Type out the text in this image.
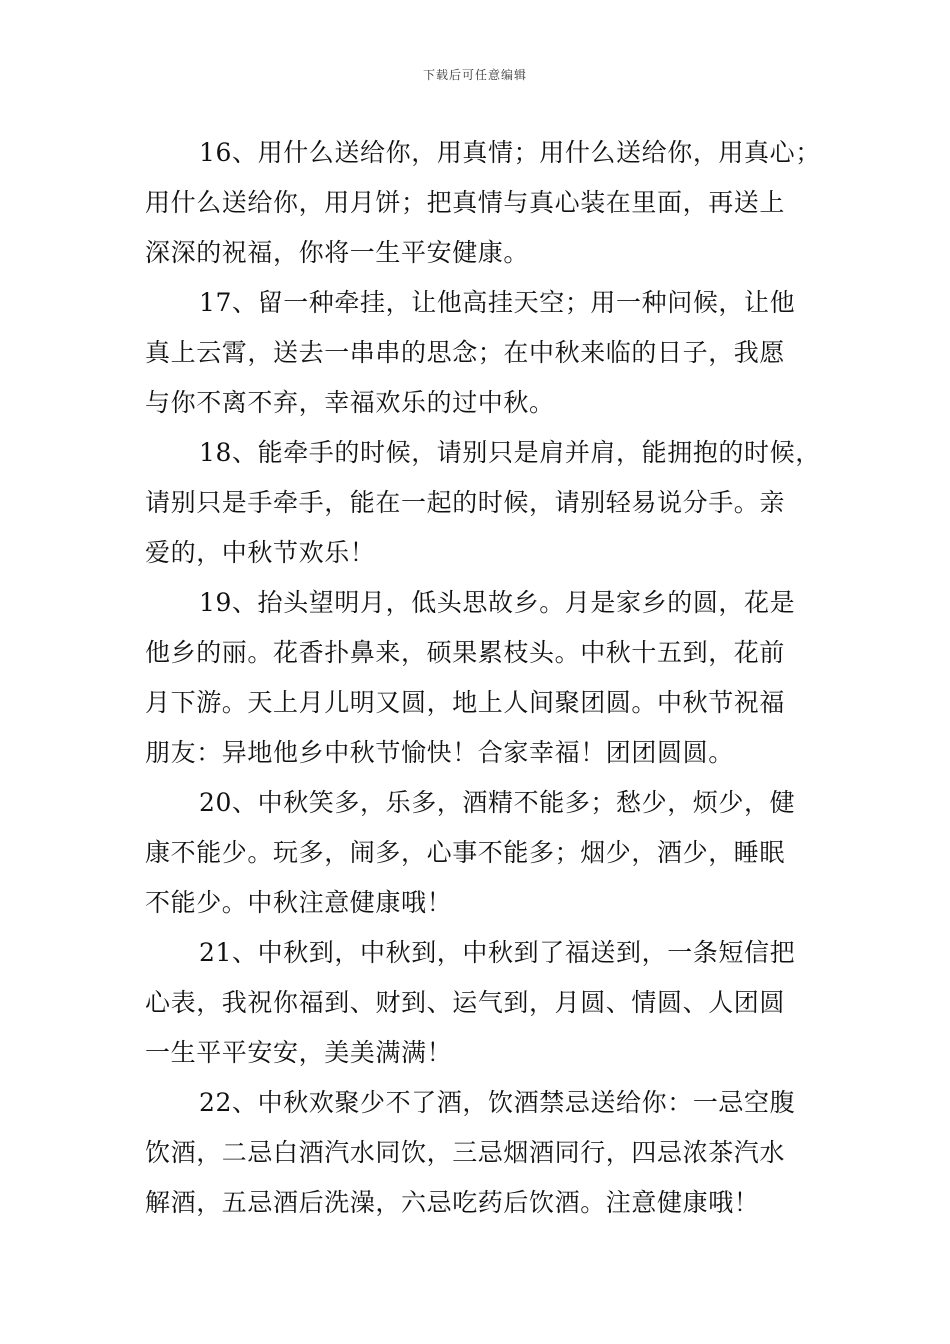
下载后可任意编辑
16、用什么送给你，用真情；用什么送给你，用真心；
用什么送给你，用月饼；把真情与真心装在里面，再送上
深深的祝福，你将一生平安健康。
17、留一种牵挂，让他高挂天空；用一种问候，让他
真上云霄，送去一串串的思念；在中秋来临的日子，我愿
与你不离不弃，幸福欢乐的过中秋。
18、能牵手的时候，请别只是肩并肩，能拥抱的时候，
请别只是手牵手，能在一起的时候，请别轻易说分手。亲
爱的，中秋节欢乐！
19、抬头望明月，低头思故乡。月是家乡的圆，花是
他乡的丽。花香扑鼻来，硕果累枝头。中秋十五到，花前
月下游。天上月儿明又圆，地上人间聚团圆。中秋节祝福
朋友：异地他乡中秋节愉快！合家幸福！团团圆圆。
20、中秋笑多，乐多，酒精不能多；愁少，烦少，健
康不能少。玩多，闹多，心事不能多；烟少，酒少，睡眠
不能少。中秋注意健康哦！
21、中秋到，中秋到，中秋到了福送到，一条短信把
心表，我祝你福到、财到、运气到，月圆、情圆、人团圆
一生平平安安，美美满满！
22、中秋欢聚少不了酒，饮酒禁忌送给你：一忌空腹
饮酒，二忌白酒汽水同饮，三忌烟酒同行，四忌浓茶汽水
解酒，五忌酒后洗澡，六忌吃药后饮酒。注意健康哦！
